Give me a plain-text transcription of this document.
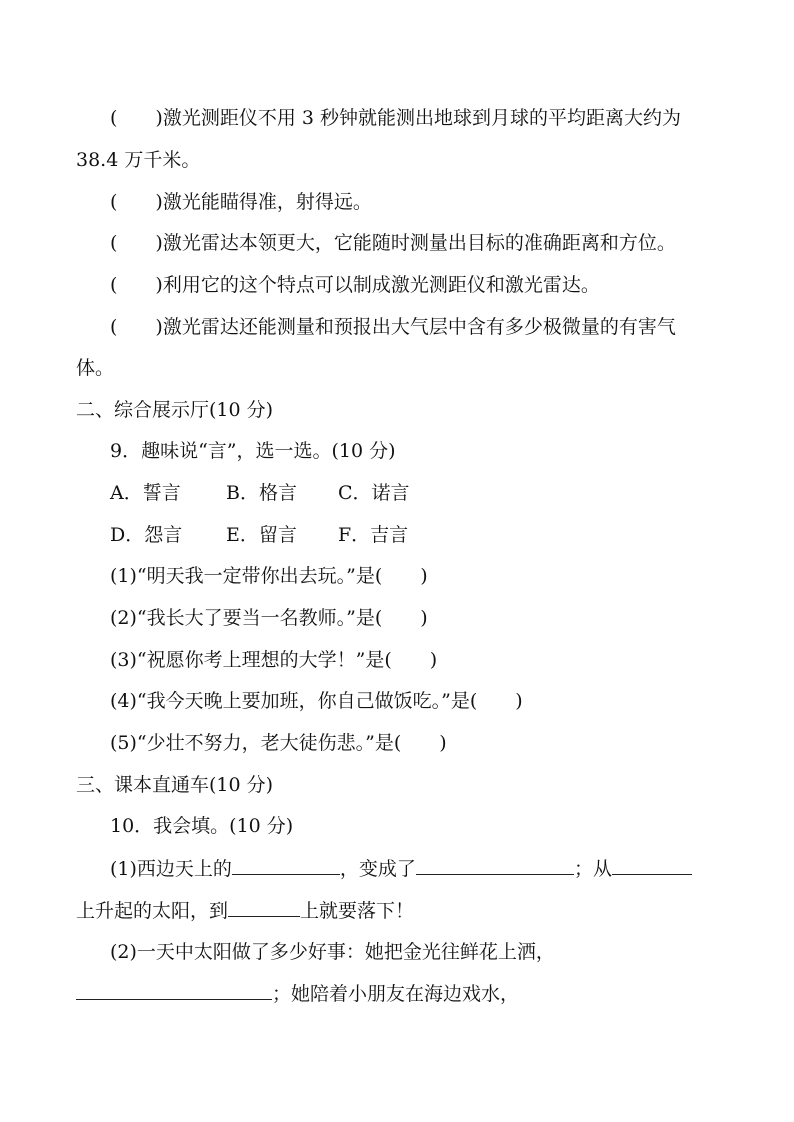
(　　)激光测距仪不用 3 秒钟就能测出地球到月球的平均距离大约为
38.4 万千米。
(　　)激光能瞄得准，射得远。
(　　)激光雷达本领更大，它能随时测量出目标的准确距离和方位。
(　　)利用它的这个特点可以制成激光测距仪和激光雷达。
(　　)激光雷达还能测量和预报出大气层中含有多少极微量的有害气
体。
二、综合展示厅(10 分)
9．趣味说“言”，选一选。(10 分)
A．誓言 B．格言 C．诺言
D．怨言 E．留言 F．吉言
(1)“明天我一定带你出去玩。”是(　　)
(2)“我长大了要当一名教师。”是(　　)
(3)“祝愿你考上理想的大学！”是(　　)
(4)“我今天晚上要加班，你自己做饭吃。”是(　　)
(5)“少壮不努力，老大徒伤悲。”是(　　)
三、课本直通车(10 分)
10．我会填。(10 分)
(1)西边天上的	，变成了	；从
上升起的太阳，到	上就要落下！
(2)一天中太阳做了多少好事：她把金光往鲜花上洒，
；她陪着小朋友在海边戏水，
